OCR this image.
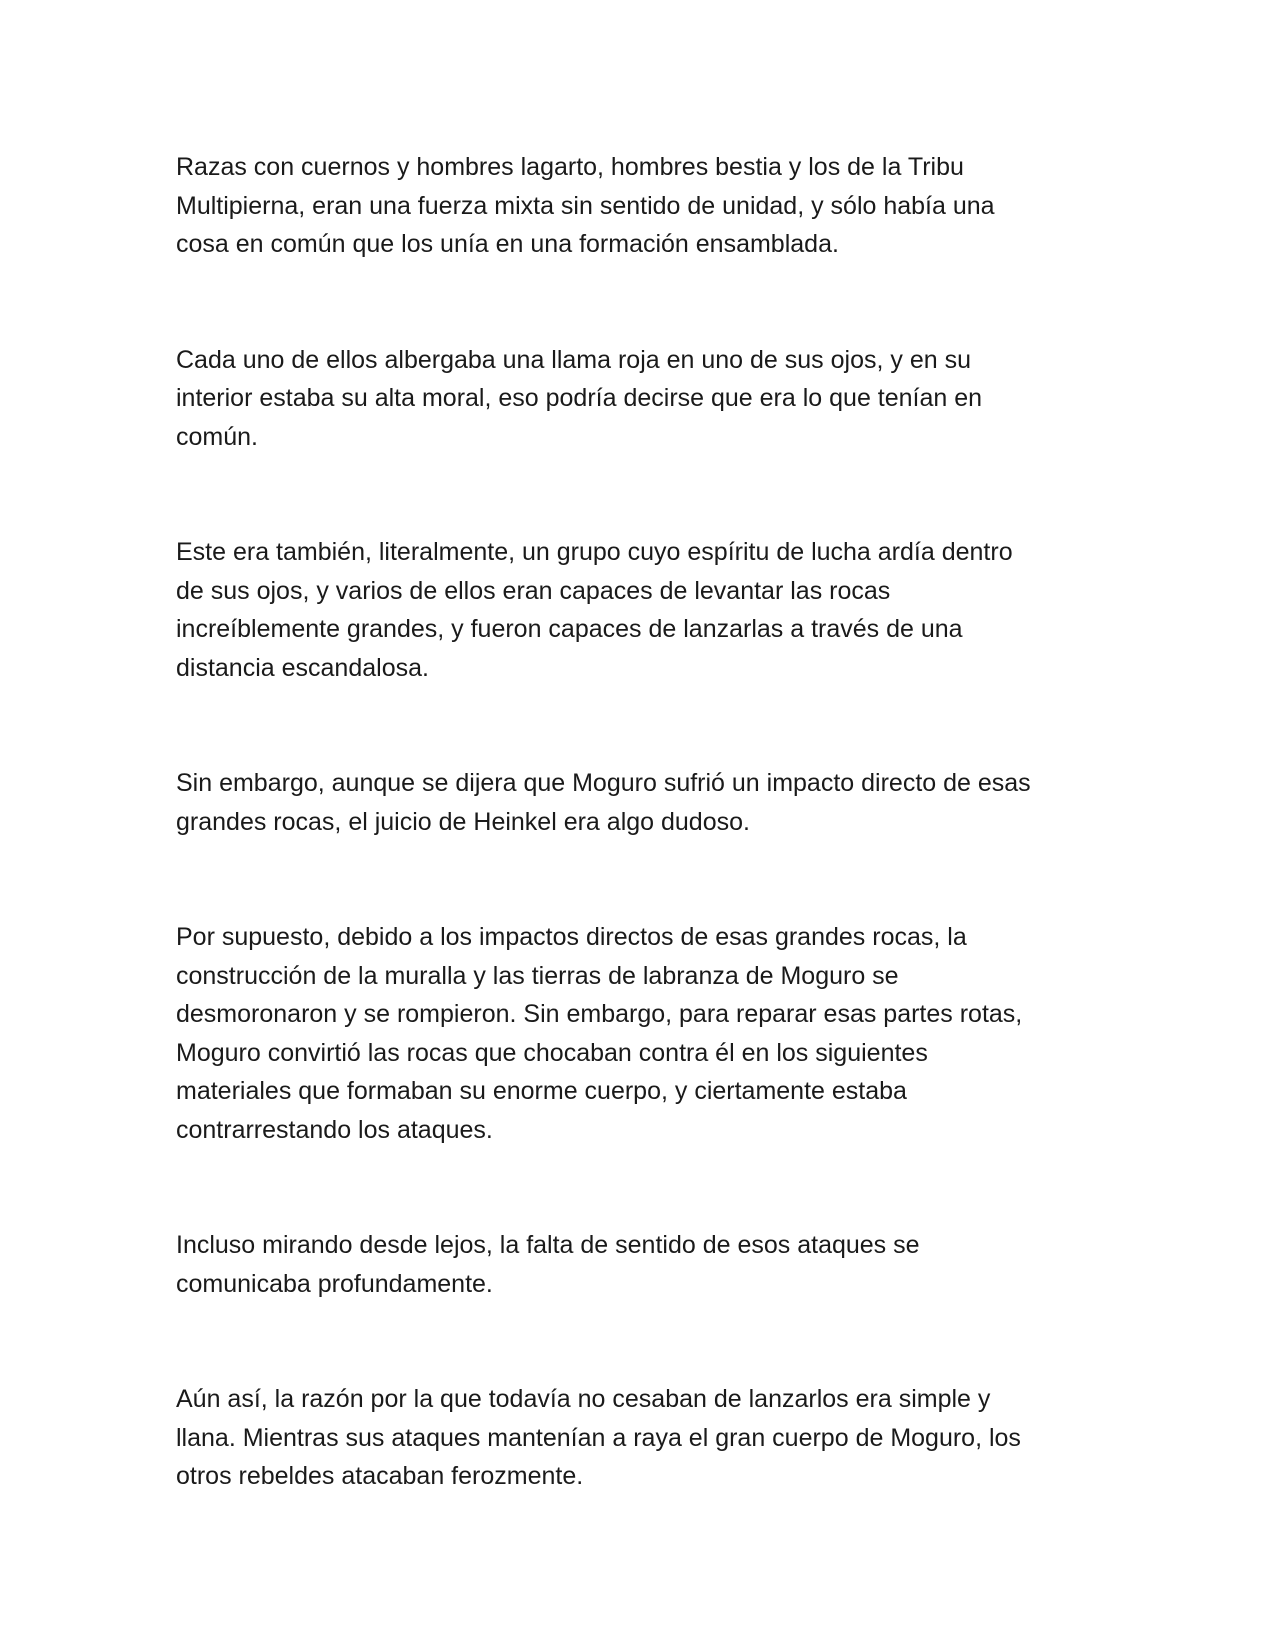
Razas con cuernos y hombres lagarto, hombres bestia y los de la Tribu
Multipierna, eran una fuerza mixta sin sentido de unidad, y sólo había una
cosa en común que los unía en una formación ensamblada.

Cada uno de ellos albergaba una llama roja en uno de sus ojos, y en su
interior estaba su alta moral, eso podría decirse que era lo que tenían en
común.

Este era también, literalmente, un grupo cuyo espíritu de lucha ardía dentro
de sus ojos, y varios de ellos eran capaces de levantar las rocas
increíblemente grandes, y fueron capaces de lanzarlas a través de una
distancia escandalosa.

Sin embargo, aunque se dijera que Moguro sufrió un impacto directo de esas
grandes rocas, el juicio de Heinkel era algo dudoso.

Por supuesto, debido a los impactos directos de esas grandes rocas, la
construcción de la muralla y las tierras de labranza de Moguro se
desmoronaron y se rompieron. Sin embargo, para reparar esas partes rotas,
Moguro convirtió las rocas que chocaban contra él en los siguientes
materiales que formaban su enorme cuerpo, y ciertamente estaba
contrarrestando los ataques.

Incluso mirando desde lejos, la falta de sentido de esos ataques se
comunicaba profundamente.

Aún así, la razón por la que todavía no cesaban de lanzarlos era simple y
llana. Mientras sus ataques mantenían a raya el gran cuerpo de Moguro, los
otros rebeldes atacaban ferozmente.
